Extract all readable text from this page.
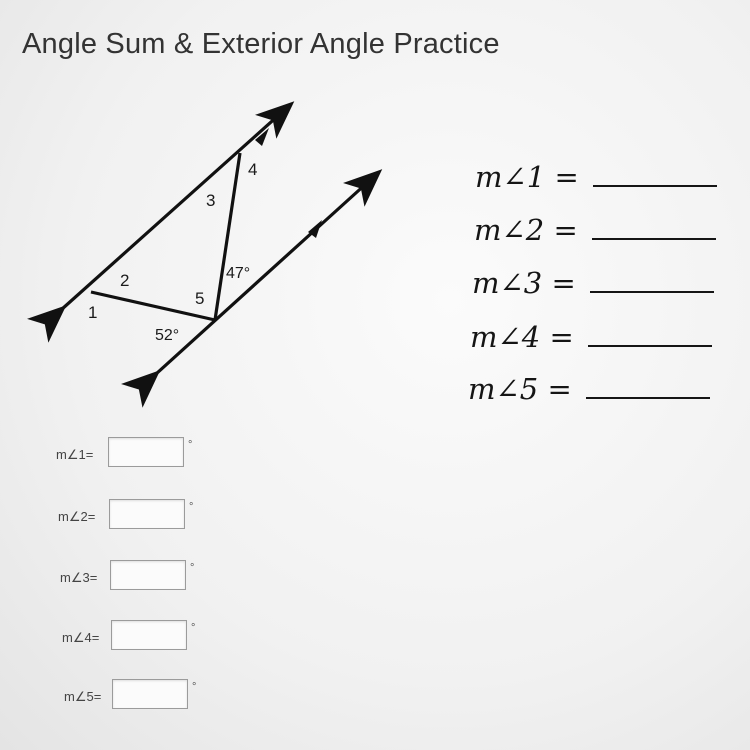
Angle Sum & Exterior Angle Practice
1
2
3
4
5
47°
52°
m∠1 =
m∠2 =
m∠3 =
m∠4 =
m∠5 =
m∠1=
°
m∠2=
°
m∠3=
°
m∠4=
°
m∠5=
°
